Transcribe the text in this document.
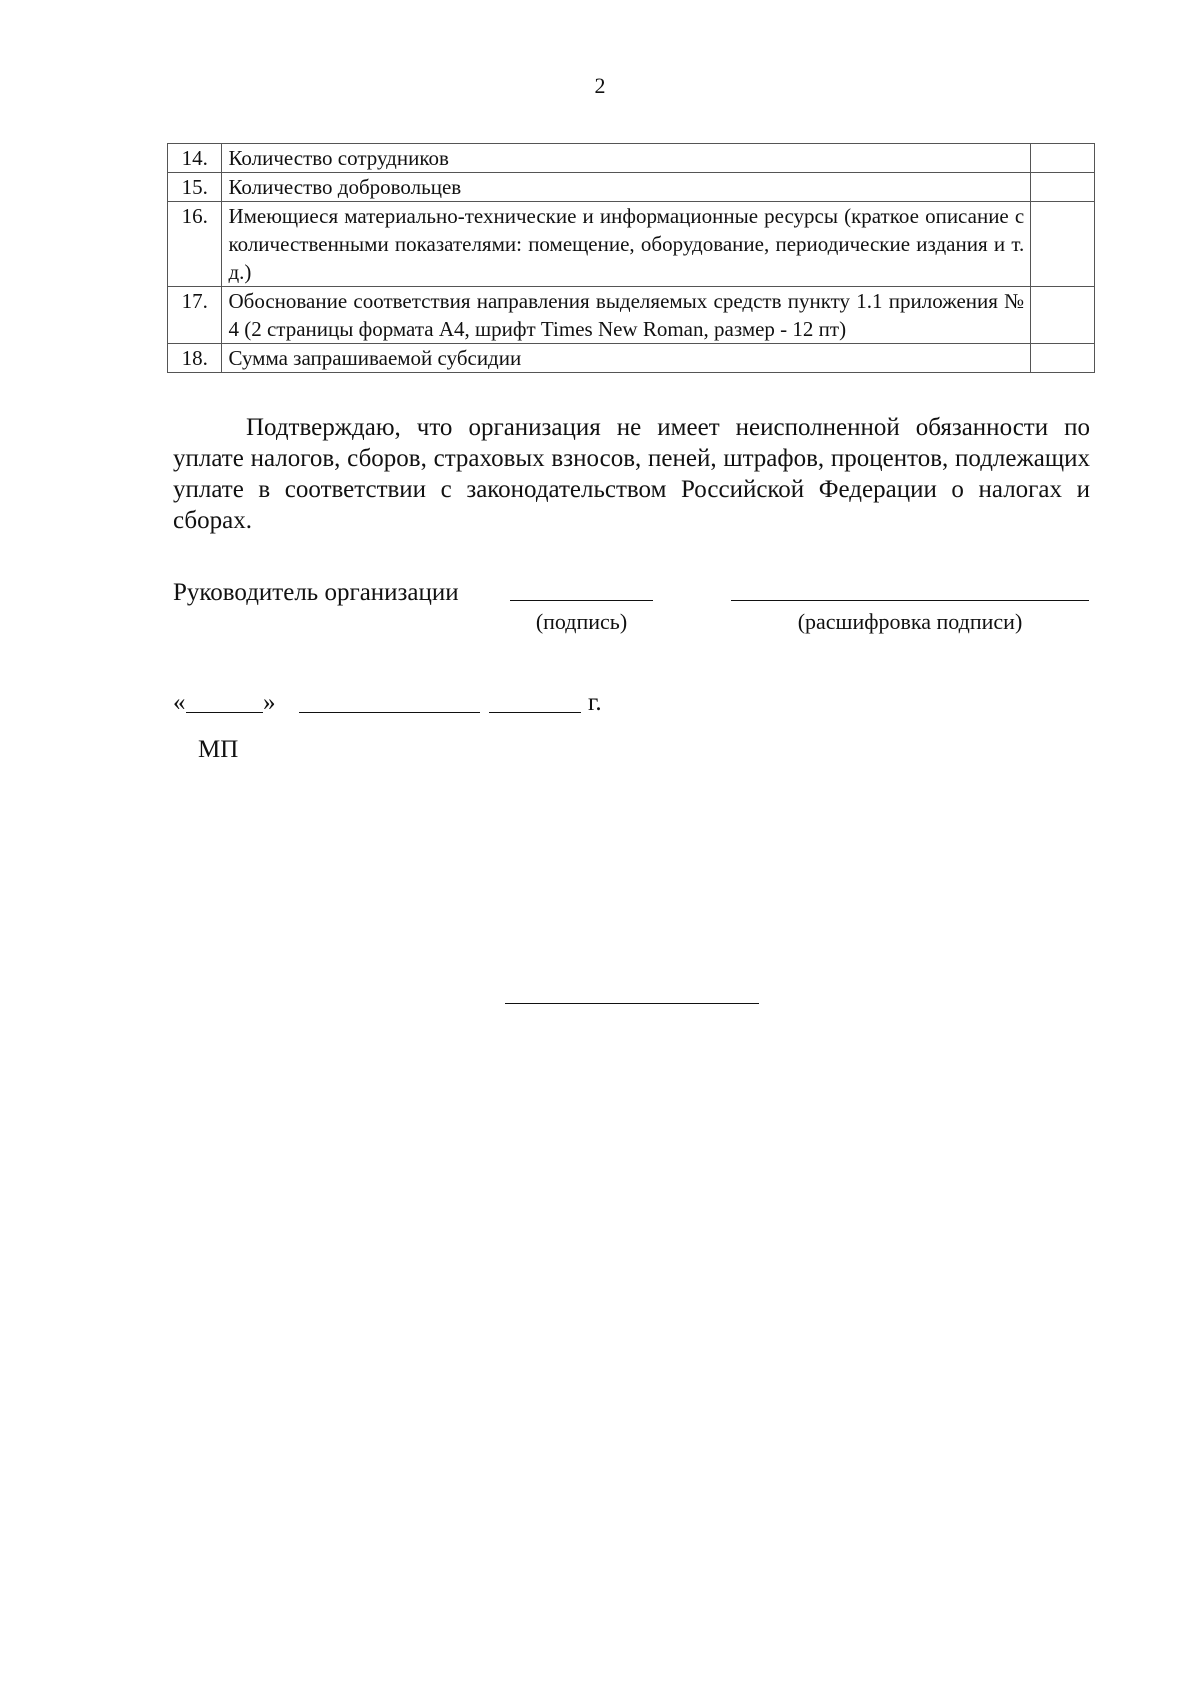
2
14.	Количество сотрудников	
15.	Количество добровольцев	
16.	Имеющиеся материально-технические и информационные ресурсы (краткое описание с количественными показателями: помещение, оборудование, периодические издания и т. д.)	
17.	Обоснование соответствия направления выделяемых средств пункту 1.1 приложения № 4 (2 страницы формата А4, шрифт Times New Roman, размер - 12 пт)	
18.	Сумма запрашиваемой субсидии	

Подтверждаю, что организация не имеет неисполненной обязанности по уплате налогов, сборов, страховых взносов, пеней, штрафов, процентов, подлежащих уплате в соответствии с законодательством Российской Федерации о налогах и сборах.

Руководитель организации
(подпись)	(расшифровка подписи)
«	»	г.
МП
